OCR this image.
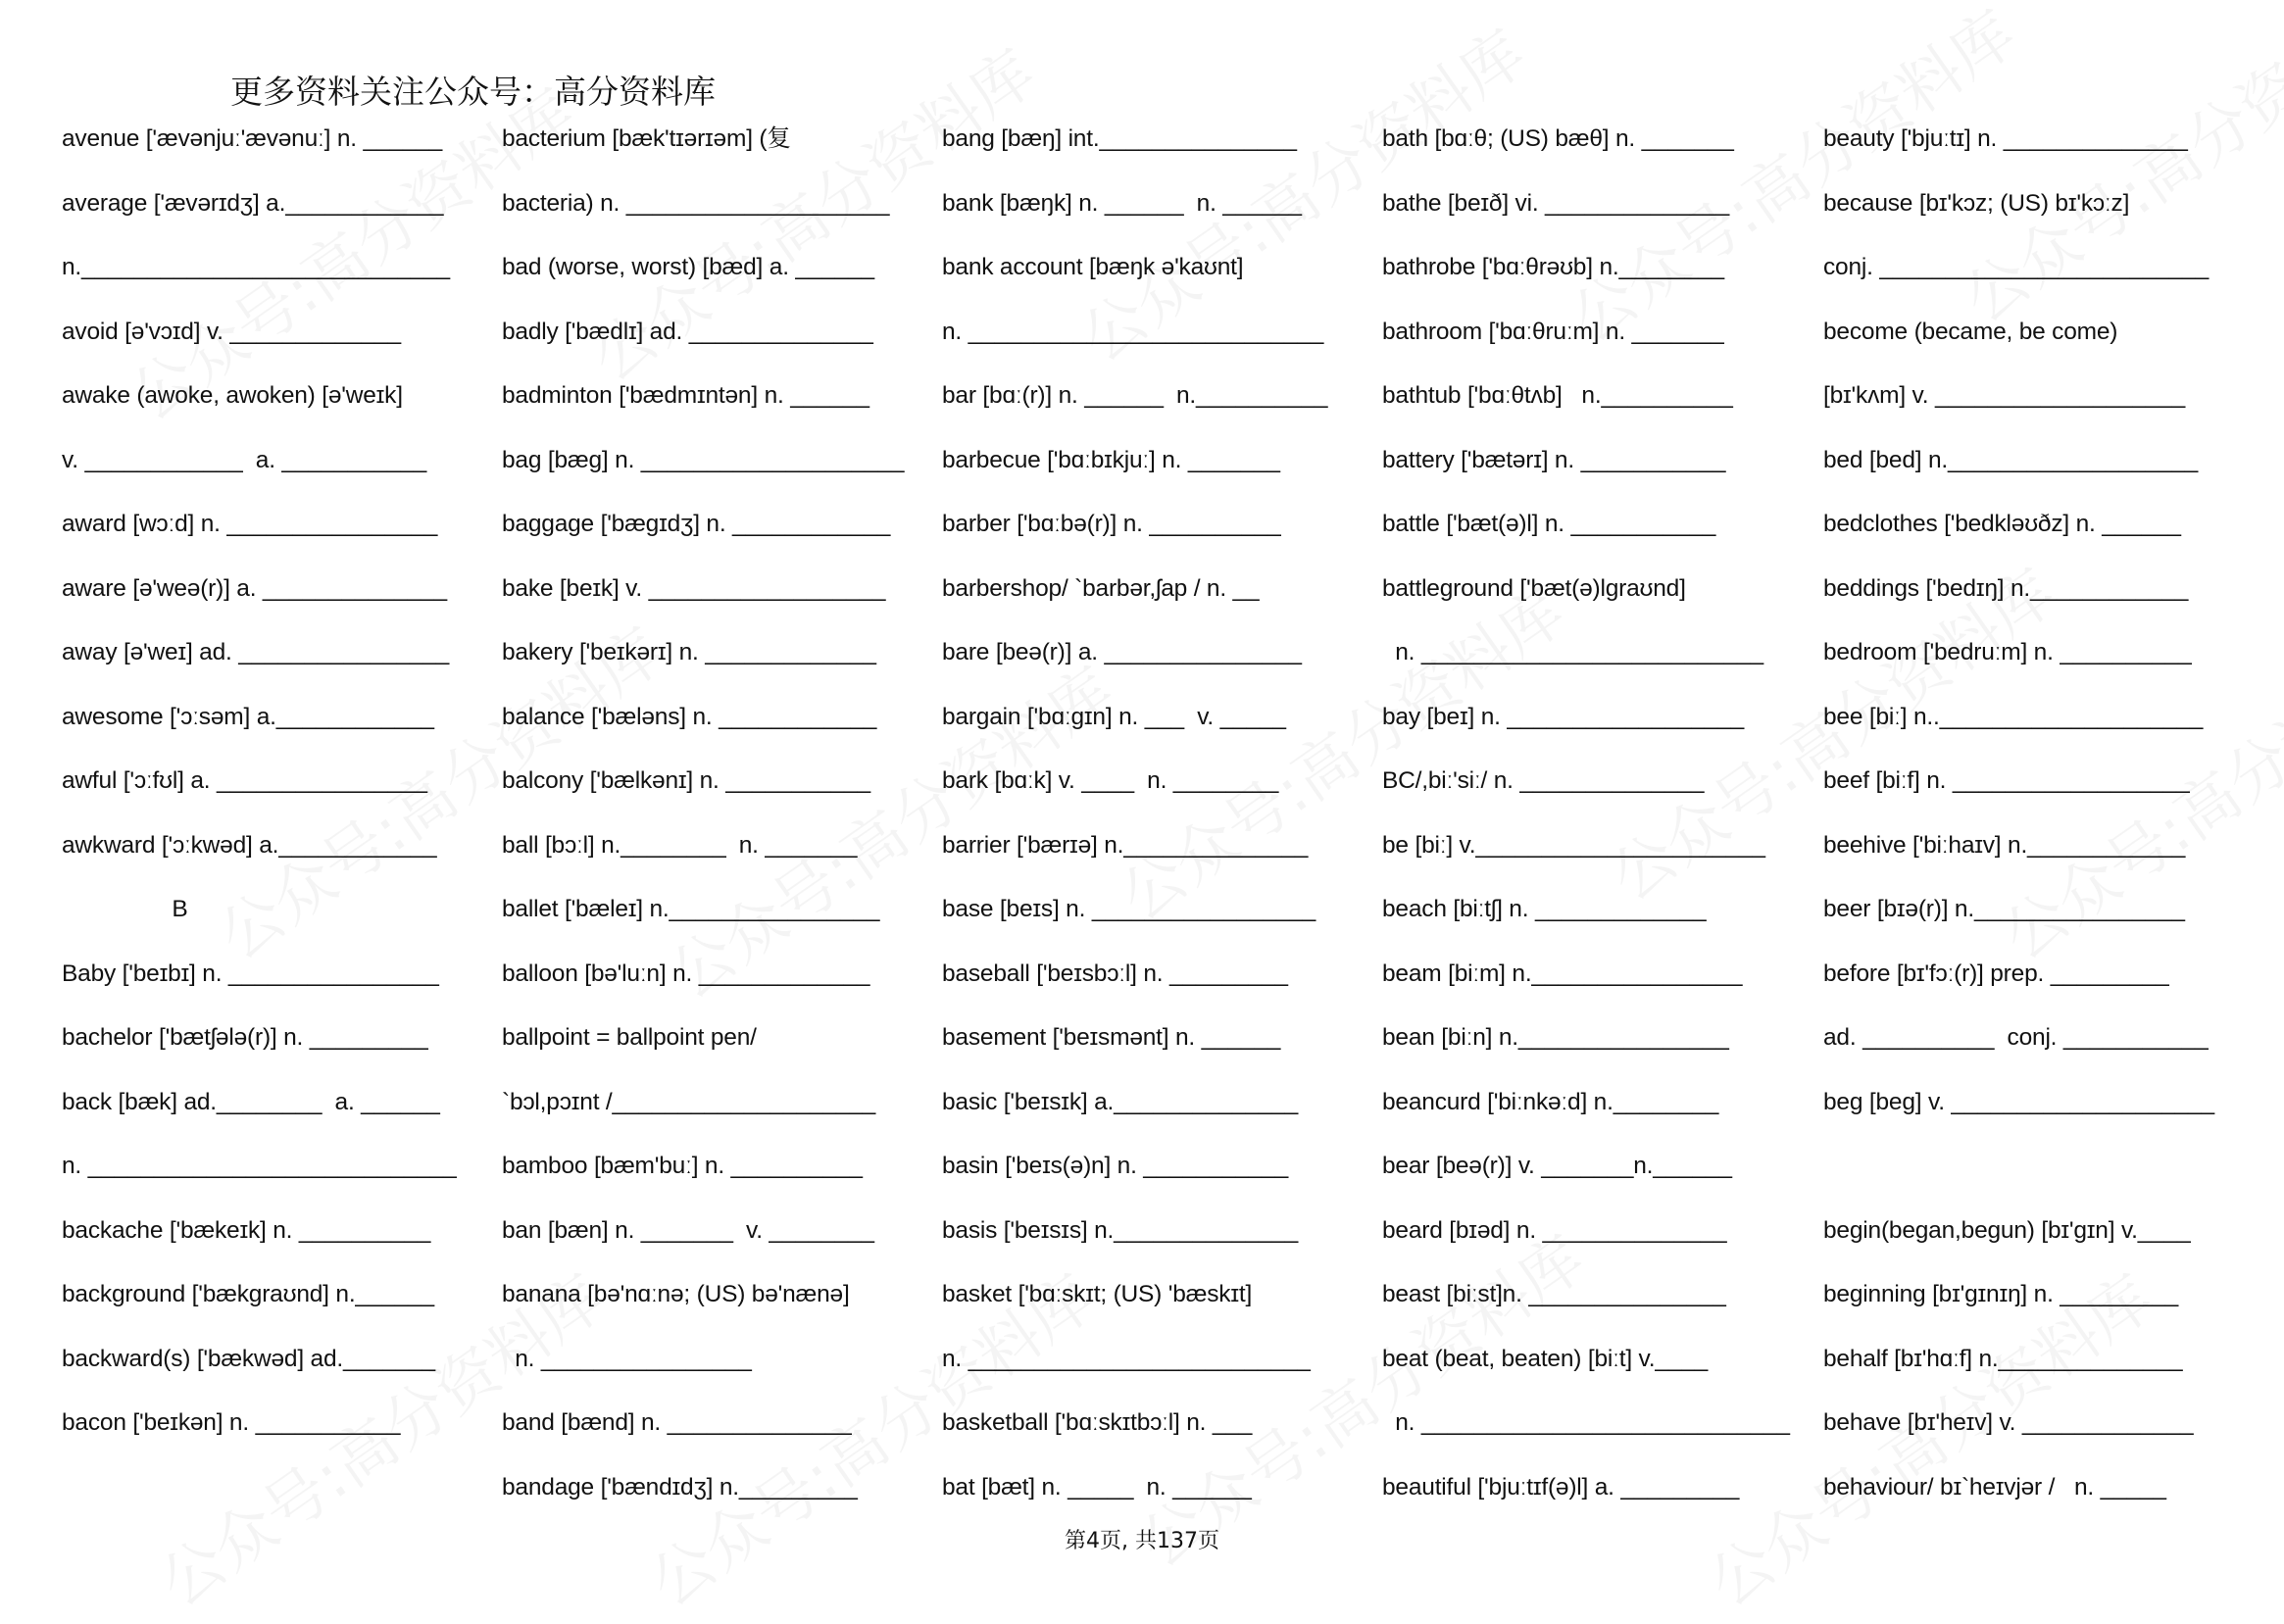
更多资料关注公众号：高分资料库
avenue ['ævənjuː'ævənuː] n. ______
average ['ævərɪdʒ] a.____________
n.____________________________
avoid [ə'vɔɪd] v. _____________
awake (awoke, awoken) [ə'weɪk]
v. ____________  a. ___________
award [wɔːd] n. ________________
aware [ə'weə(r)] a. ______________
away [ə'weɪ] ad. ________________
awesome ['ɔːsəm] a.____________
awful ['ɔːfʊl] a. ________________
awkward ['ɔːkwəd] a.____________
B
Baby ['beɪbɪ] n. ________________
bachelor ['bætʃələ(r)] n. _________
back [bæk] ad.________  a. ______
n. ____________________________
backache ['bækeɪk] n. __________
background ['bækgraʊnd] n.______
backward(s) ['bækwəd] ad._______
bacon ['beɪkən] n. ___________
bacterium [bæk'tɪərɪəm] (复
bacteria) n. ____________________
bad (worse, worst) [bæd] a. ______
badly ['bædlɪ] ad. ______________
badminton ['bædmɪntən] n. ______
bag [bæg] n. ____________________
baggage ['bægɪdʒ] n. ____________
bake [beɪk] v. __________________
bakery ['beɪkərɪ] n. _____________
balance ['bæləns] n. ____________
balcony ['bælkənɪ] n. ___________
ball [bɔːl] n.________  n. _______
ballet ['bæleɪ] n.________________
balloon [bə'luːn] n. _____________
ballpoint = ballpoint pen/
`bɔl,pɔɪnt /____________________
bamboo [bæm'buː] n. __________
ban [bæn] n. _______  v. ________
banana [bə'nɑːnə; (US) bə'nænə]
n. ________________
band [bænd] n. ______________
bandage ['bændɪdʒ] n._________
bang [bæŋ] int._______________
bank [bæŋk] n. ______  n. ______
bank account [bæŋk ə'kaʊnt]
n. ___________________________
bar [bɑː(r)] n. ______  n.__________
barbecue ['bɑːbɪkjuː] n. _______
barber ['bɑːbə(r)] n. __________
barbershop/ `barbər,ʃap / n. __
bare [beə(r)] a. _______________
bargain ['bɑːgɪn] n. ___  v. _____
bark [bɑːk] v. ____  n. ________
barrier ['bærɪə] n.______________
base [beɪs] n. _________________
baseball ['beɪsbɔːl] n. _________
basement ['beɪsmənt] n. ______
basic ['beɪsɪk] a.______________
basin ['beɪs(ə)n] n. ___________
basis ['beɪsɪs] n.______________
basket ['bɑːskɪt; (US) 'bæskɪt]
n. __________________________
basketball ['bɑːskɪtbɔːl] n. ___
bat [bæt] n. _____  n. ______
bath [bɑːθ; (US) bæθ] n. _______
bathe [beɪð] vi. ______________
bathrobe ['bɑːθrəʊb] n.________
bathroom ['bɑːθruːm] n. _______
bathtub ['bɑːθtʌb]   n.__________
battery ['bætərɪ] n. ___________
battle ['bæt(ə)l] n. ___________
battleground ['bæt(ə)lgraʊnd]
n. __________________________
bay [beɪ] n. __________________
BC/,biː'siː/ n. ______________
be [biː] v.______________________
beach [biːtʃ] n. _____________
beam [biːm] n.________________
bean [biːn] n.________________
beancurd ['biːnkəːd] n.________
bear [beə(r)] v. _______n.______
beard [bɪəd] n. ______________
beast [biːst]n. _______________
beat (beat, beaten) [biːt] v.____
n. ____________________________
beautiful ['bjuːtɪf(ə)l] a. _________
beauty ['bjuːtɪ] n. ______________
because [bɪ'kɔz; (US) bɪ'kɔːz]
conj. _________________________
become (became, be come)
[bɪ'kʌm] v. ___________________
bed [bed] n.___________________
bedclothes ['bedkləʊðz] n. ______
beddings ['bedɪŋ] n.____________
bedroom ['bedruːm] n. __________
bee [biː] n..____________________
beef [biːf] n. __________________
beehive ['biːhaɪv] n.____________
beer [bɪə(r)] n.________________
before [bɪ'fɔː(r)] prep. _________
ad. __________  conj. ___________
beg [beg] v. ____________________
begin(began,begun) [bɪ'gɪn] v.____
beginning [bɪ'gɪnɪŋ] n. _________
behalf [bɪ'hɑːf] n.______________
behave [bɪ'heɪv] v. _____________
behaviour/ bɪ`heɪvjər /   n. _____
第4页, 共137页
